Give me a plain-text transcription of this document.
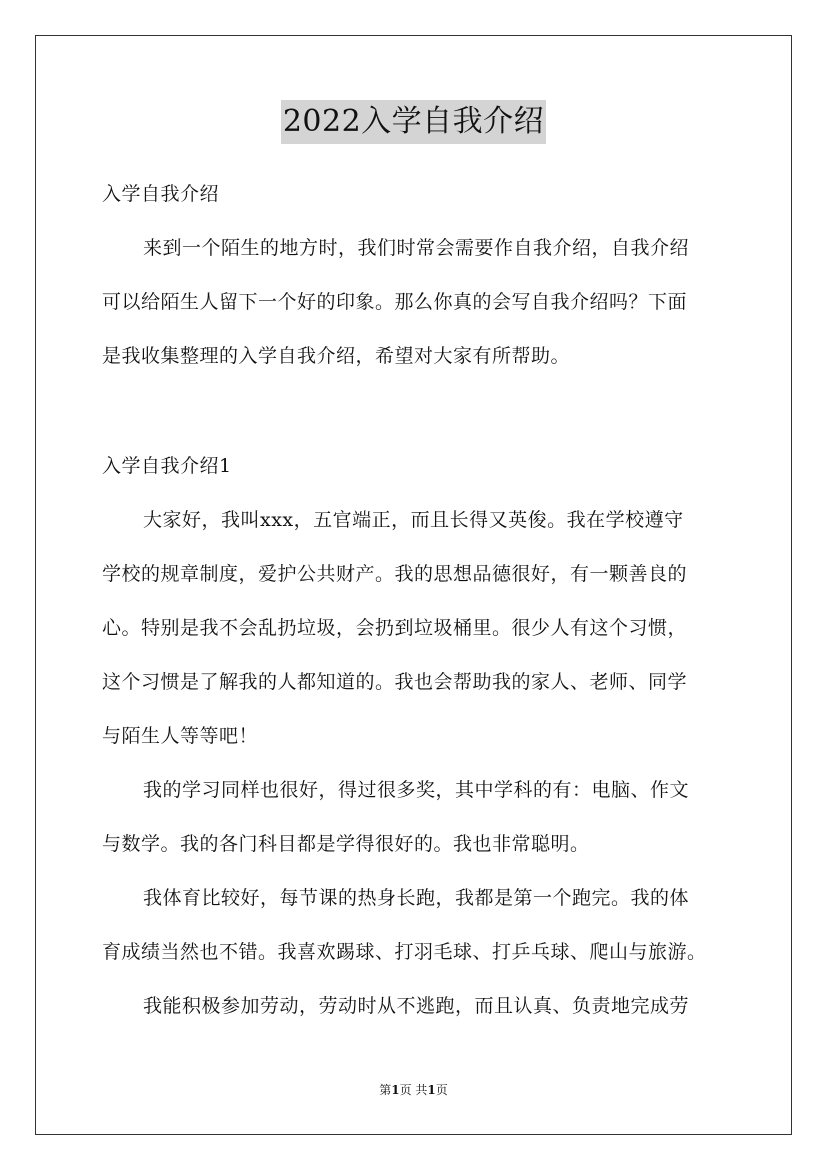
2022入学自我介绍
入学自我介绍
来到一个陌生的地方时，我们时常会需要作自我介绍，自我介绍
可以给陌生人留下一个好的印象。那么你真的会写自我介绍吗？下面
是我收集整理的入学自我介绍，希望对大家有所帮助。
入学自我介绍1
大家好，我叫xxx，五官端正，而且长得又英俊。我在学校遵守
学校的规章制度，爱护公共财产。我的思想品德很好，有一颗善良的
心。特别是我不会乱扔垃圾，会扔到垃圾桶里。很少人有这个习惯，
这个习惯是了解我的人都知道的。我也会帮助我的家人、老师、同学
与陌生人等等吧！
我的学习同样也很好，得过很多奖，其中学科的有：电脑、作文
与数学。我的各门科目都是学得很好的。我也非常聪明。
我体育比较好，每节课的热身长跑，我都是第一个跑完。我的体
育成绩当然也不错。我喜欢踢球、打羽毛球、打乒乓球、爬山与旅游。
我能积极参加劳动，劳动时从不逃跑，而且认真、负责地完成劳
第1页 共1页
